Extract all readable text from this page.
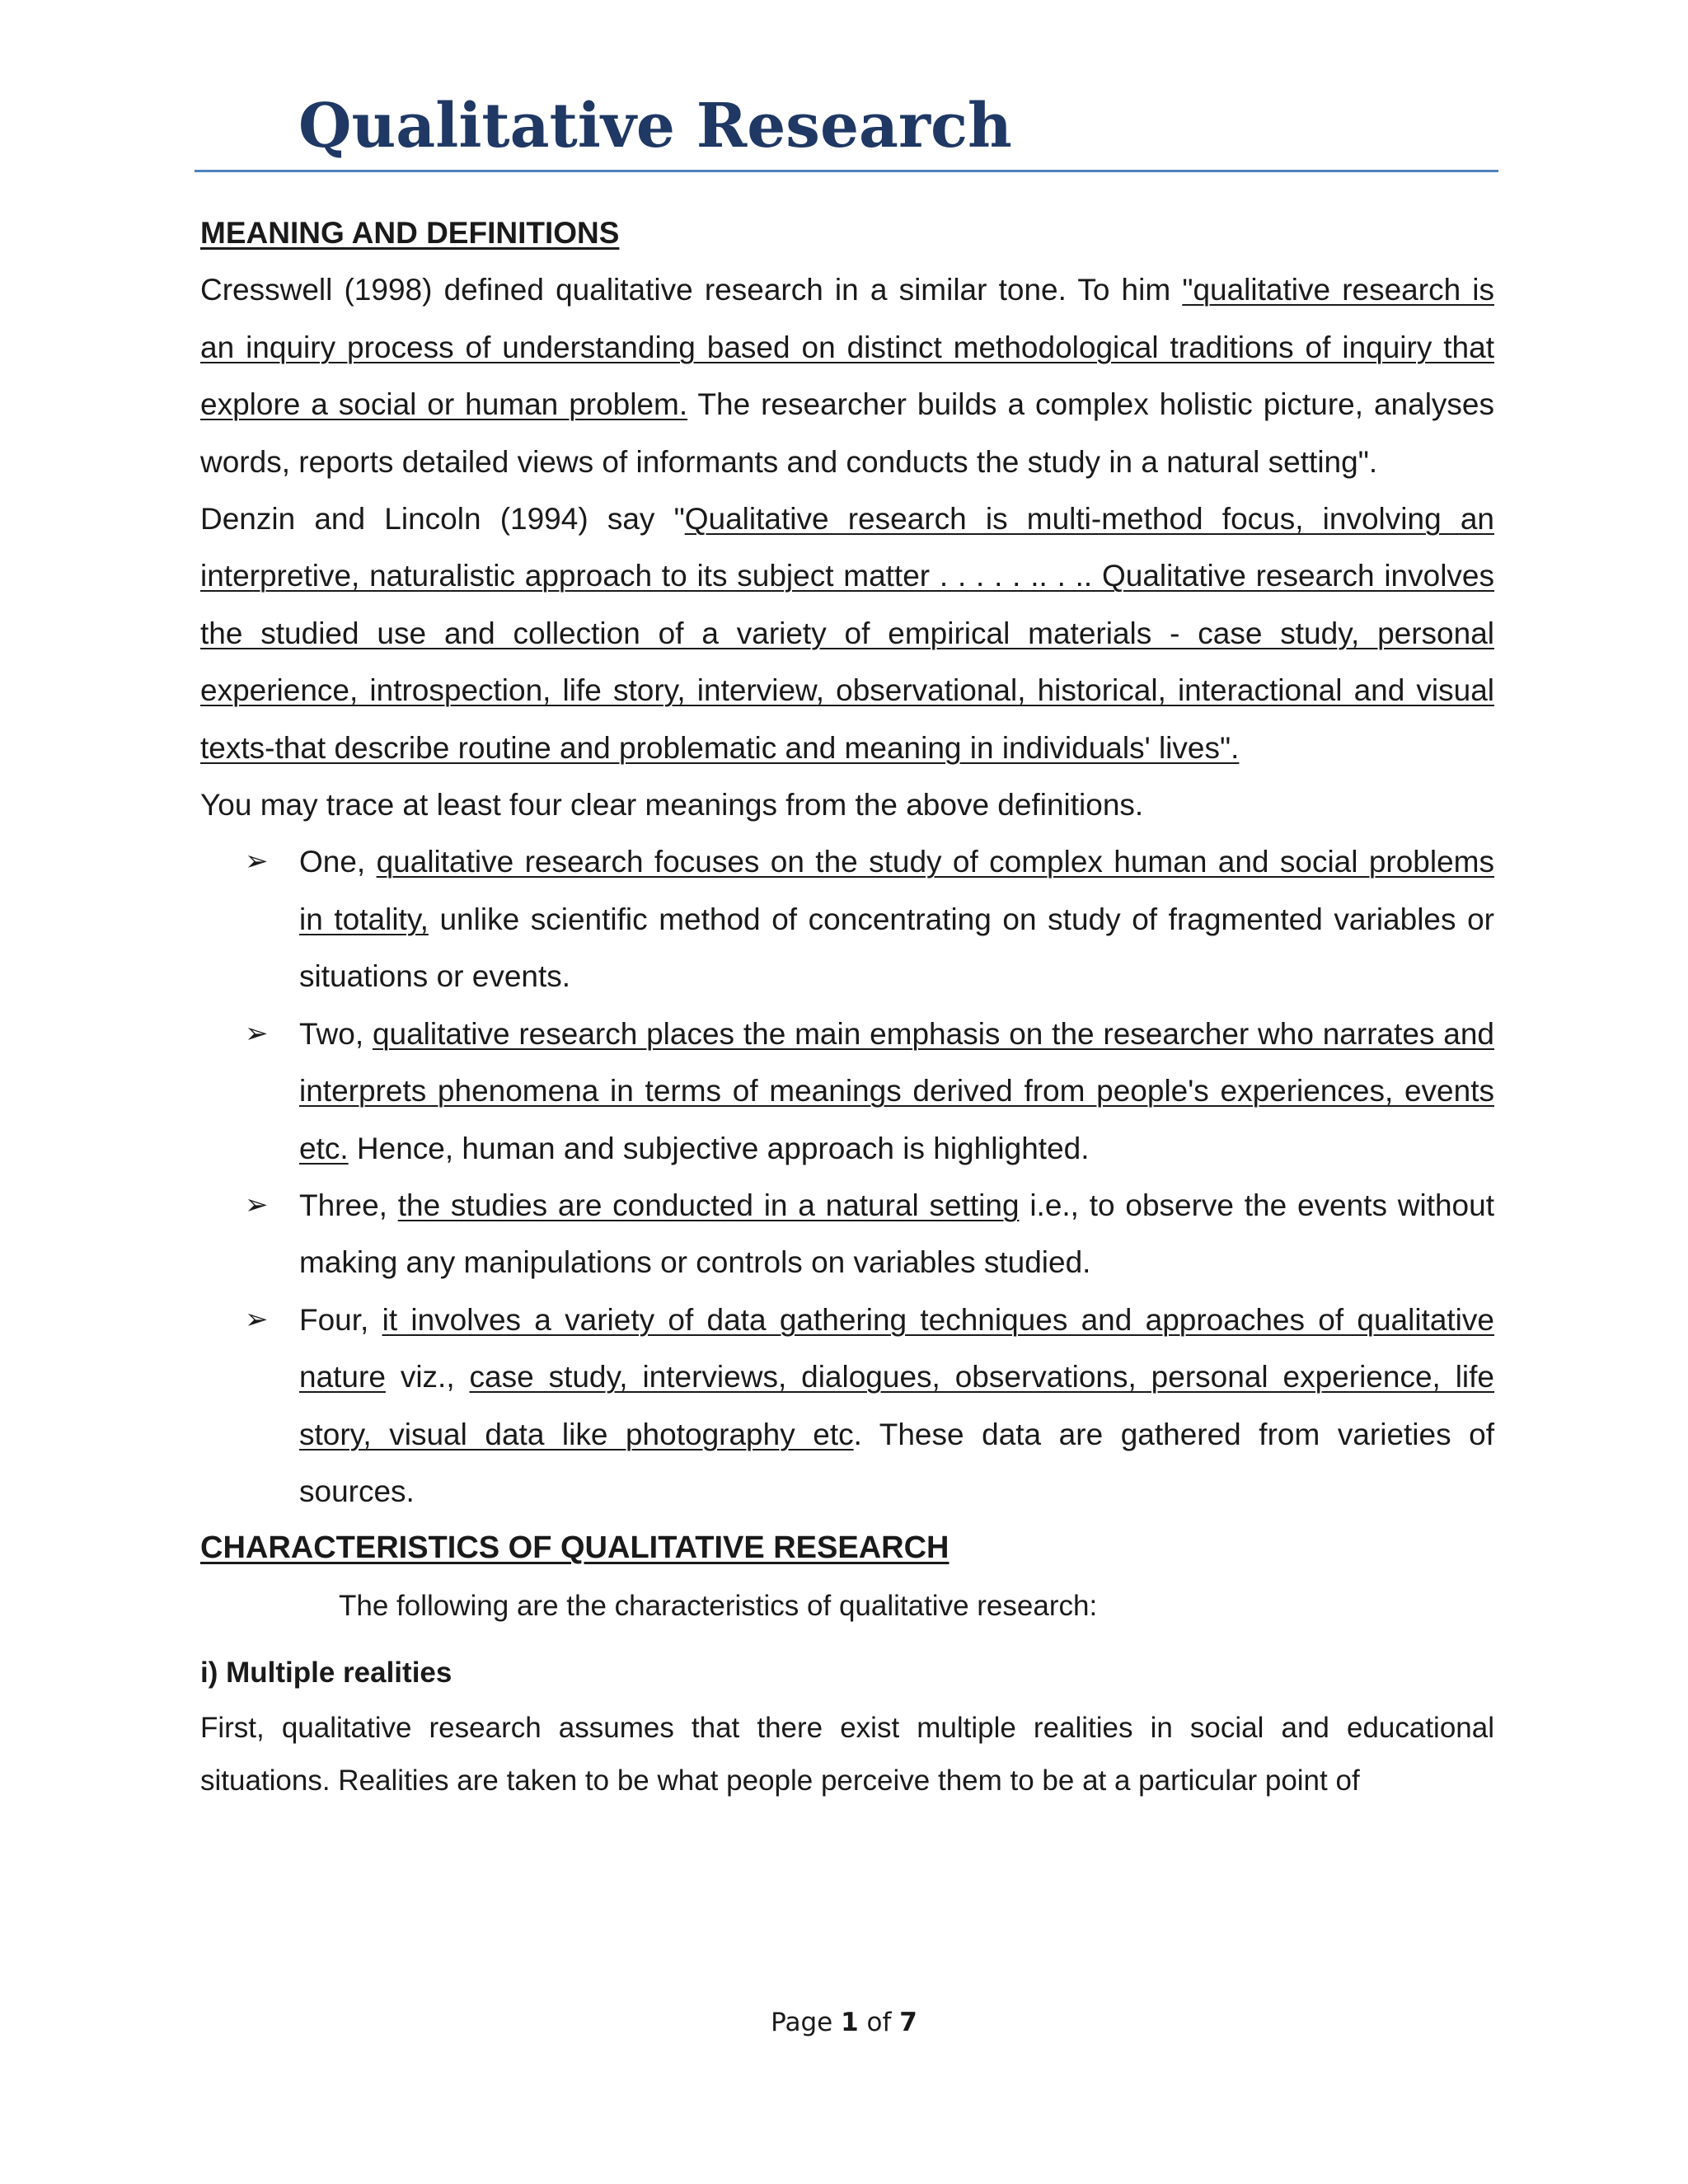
Qualitative Research
MEANING AND DEFINITIONS

Cresswell (1998) defined qualitative research in a similar tone. To him "qualitative research is an inquiry process of understanding based on distinct methodological traditions of inquiry that explore a social or human problem. The researcher builds a complex holistic picture, analyses words, reports detailed views of informants and conducts the study in a natural setting".

Denzin and Lincoln (1994) say "Qualitative research is multi-method focus, involving an interpretive, naturalistic approach to its subject matter . . . . . .. . .. Qualitative research involves the studied use and collection of a variety of empirical materials - case study, personal experience, introspection, life story, interview, observational, historical, interactional and visual texts-that describe routine and problematic and meaning in individuals' lives".

You may trace at least four clear meanings from the above definitions.

➢ One, qualitative research focuses on the study of complex human and social problems in totality, unlike scientific method of concentrating on study of fragmented variables or situations or events.
➢ Two, qualitative research places the main emphasis on the researcher who narrates and interprets phenomena in terms of meanings derived from people's experiences, events etc. Hence, human and subjective approach is highlighted.
➢ Three, the studies are conducted in a natural setting i.e., to observe the events without making any manipulations or controls on variables studied.
➢ Four, it involves a variety of data gathering techniques and approaches of qualitative nature viz., case study, interviews, dialogues, observations, personal experience, life story, visual data like photography etc. These data are gathered from varieties of sources.
CHARACTERISTICS OF QUALITATIVE RESEARCH
The following are the characteristics of qualitative research:
i) Multiple realities

First, qualitative research assumes that there exist multiple realities in social and educational situations. Realities are taken to be what people perceive them to be at a particular point of

Page 1 of 7
